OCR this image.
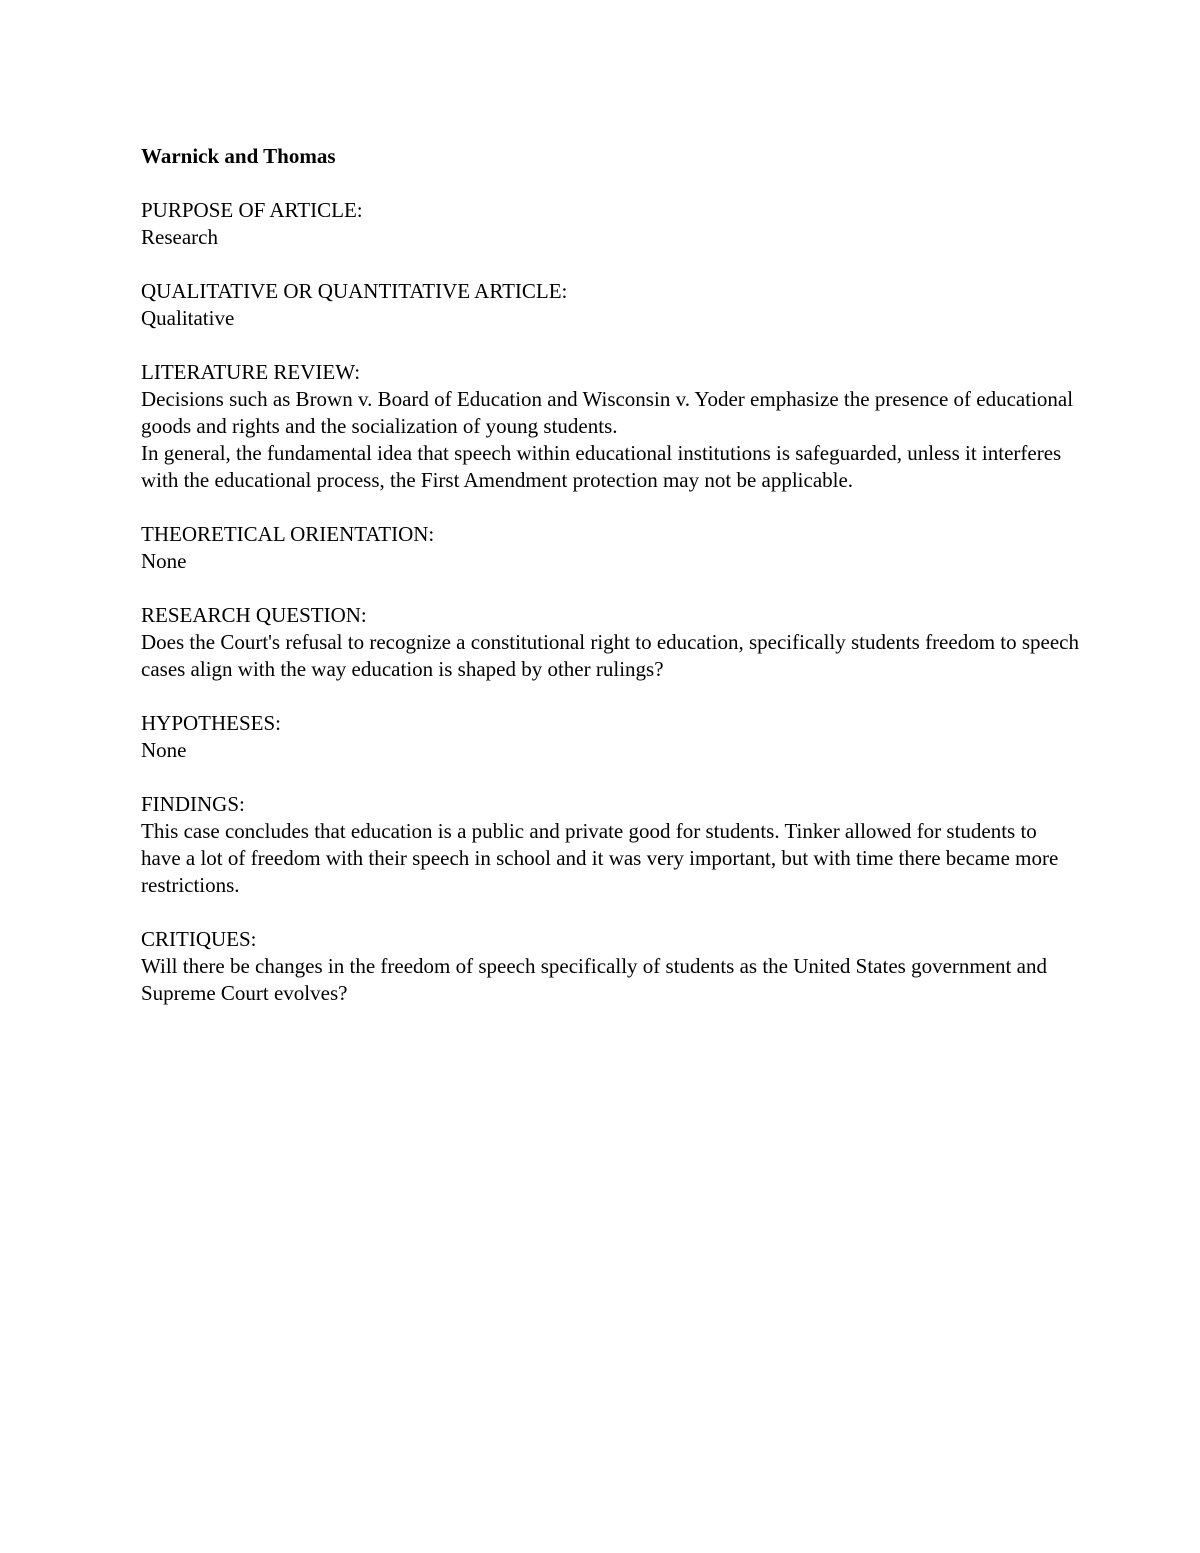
Warnick and Thomas
PURPOSE OF ARTICLE:

Research

QUALITATIVE OR QUANTITATIVE ARTICLE:

Qualitative

LITERATURE REVIEW:

Decisions such as Brown v. Board of Education and Wisconsin v. Yoder emphasize the presence of educational goods and rights and the socialization of young students.

In general, the fundamental idea that speech within educational institutions is safeguarded, unless it interferes with the educational process, the First Amendment protection may not be applicable.

THEORETICAL ORIENTATION:

None

RESEARCH QUESTION:

Does the Court's refusal to recognize a constitutional right to education, specifically students freedom to speech cases align with the way education is shaped by other rulings?

HYPOTHESES:

None

FINDINGS:

This case concludes that education is a public and private good for students. Tinker allowed for students to have a lot of freedom with their speech in school and it was very important, but with time there became more restrictions.

CRITIQUES:

Will there be changes in the freedom of speech specifically of students as the United States government and Supreme Court evolves?
